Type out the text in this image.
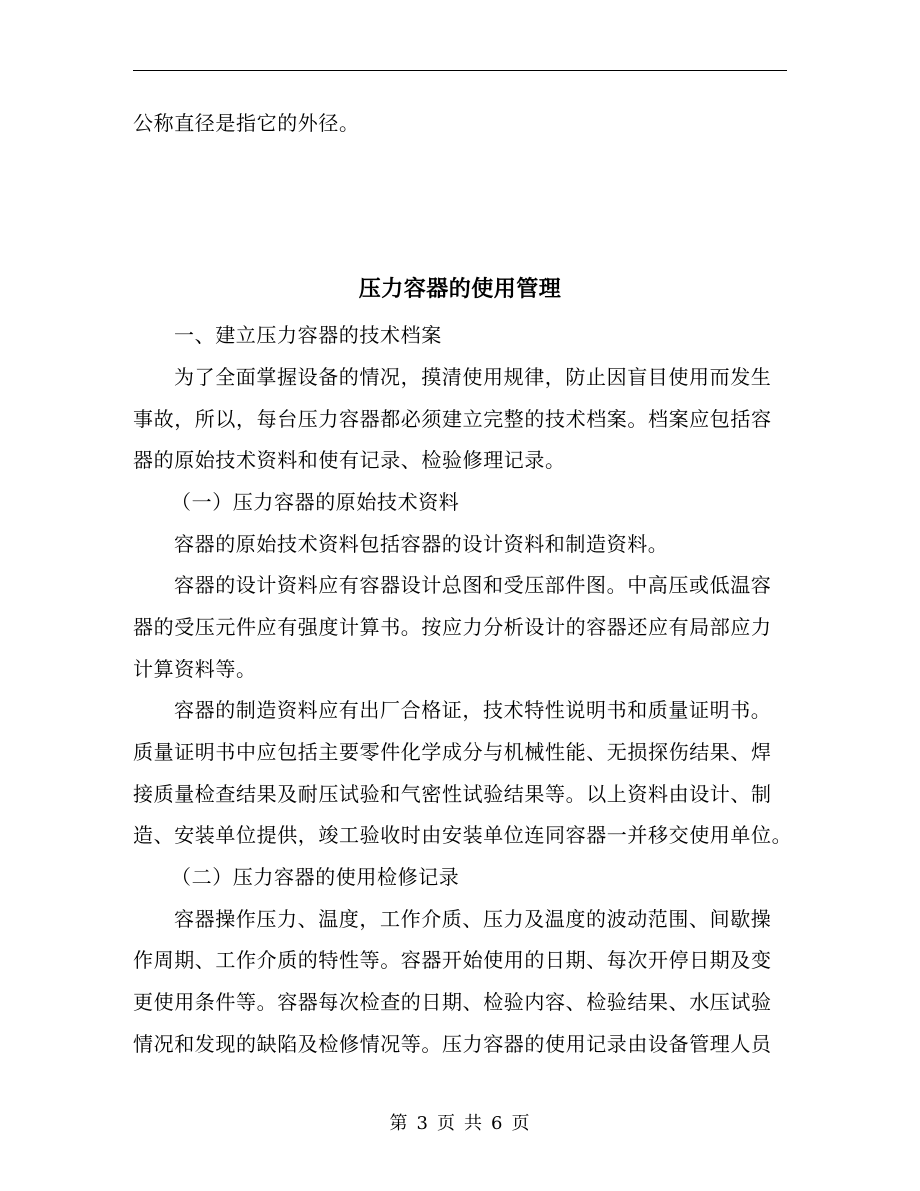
公称直径是指它的外径。
压力容器的使用管理
一、建立压力容器的技术档案
为了全面掌握设备的情况，摸清使用规律，防止因盲目使用而发生
事故，所以，每台压力容器都必须建立完整的技术档案。档案应包括容
器的原始技术资料和使有记录、检验修理记录。
（一）压力容器的原始技术资料
容器的原始技术资料包括容器的设计资料和制造资料。
容器的设计资料应有容器设计总图和受压部件图。中高压或低温容
器的受压元件应有强度计算书。按应力分析设计的容器还应有局部应力
计算资料等。
容器的制造资料应有出厂合格证，技术特性说明书和质量证明书。
质量证明书中应包括主要零件化学成分与机械性能、无损探伤结果、焊
接质量检查结果及耐压试验和气密性试验结果等。以上资料由设计、制
造、安装单位提供，竣工验收时由安装单位连同容器一并移交使用单位。
（二）压力容器的使用检修记录
容器操作压力、温度，工作介质、压力及温度的波动范围、间歇操
作周期、工作介质的特性等。容器开始使用的日期、每次开停日期及变
更使用条件等。容器每次检查的日期、检验内容、检验结果、水压试验
情况和发现的缺陷及检修情况等。压力容器的使用记录由设备管理人员
第 3 页 共 6 页
